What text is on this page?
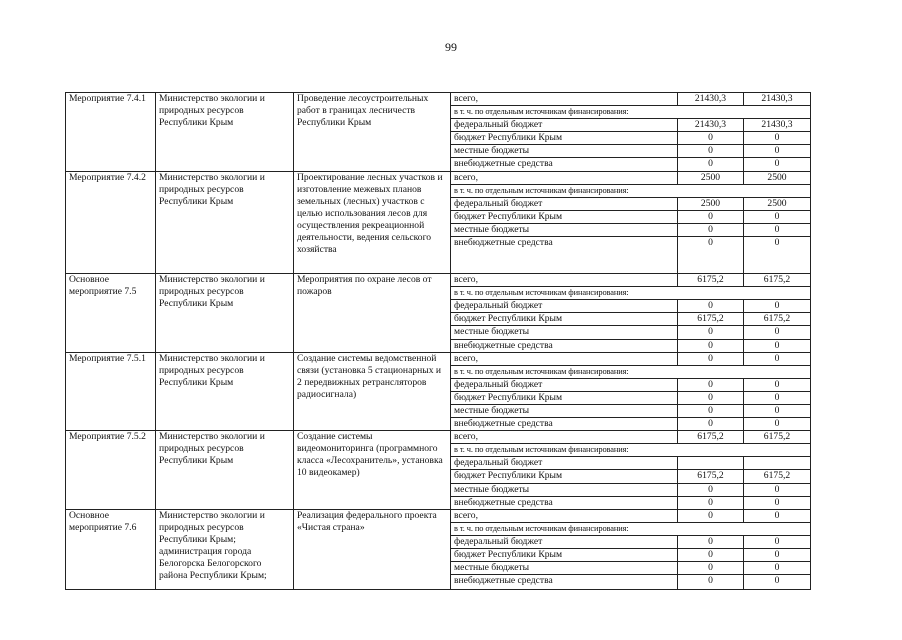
99
Мероприятие 7.4.1	Министерство экологии и природных ресурсов Республики Крым	Проведение лесоустроительных работ в границах лесничеств Республики Крым	всего,	21430,3	21430,3
			в т. ч. по отдельным источникам финансирования:		
			федеральный бюджет	21430,3	21430,3
			бюджет Республики Крым	0	0
			местные бюджеты	0	0
			внебюджетные средства	0	0
Мероприятие 7.4.2	Министерство экологии и природных ресурсов Республики Крым	Проектирование лесных участков и изготовление межевых планов земельных (лесных) участков с целью использования лесов для осуществления рекреационной деятельности, ведения сельского хозяйства	всего,	2500	2500
			в т. ч. по отдельным источникам финансирования:		
			федеральный бюджет	2500	2500
			бюджет Республики Крым	0	0
			местные бюджеты	0	0
			внебюджетные средства	0	0
Основное мероприятие 7.5	Министерство экологии и природных ресурсов Республики Крым	Мероприятия по охране лесов от пожаров	всего,	6175,2	6175,2
			в т. ч. по отдельным источникам финансирования:		
			федеральный бюджет	0	0
			бюджет Республики Крым	6175,2	6175,2
			местные бюджеты	0	0
			внебюджетные средства	0	0
Мероприятие 7.5.1	Министерство экологии и природных ресурсов Республики Крым	Создание системы ведомственной связи (установка 5 стационарных и 2 передвижных ретрансляторов радиосигнала)	всего,	0	0
			в т. ч. по отдельным источникам финансирования:		
			федеральный бюджет	0	0
			бюджет Республики Крым	0	0
			местные бюджеты	0	0
			внебюджетные средства	0	0
Мероприятие 7.5.2	Министерство экологии и природных ресурсов Республики Крым	Создание системы видеомониторинга (программного класса «Лесохранитель», установка 10 видеокамер)	всего,	6175,2	6175,2
			в т. ч. по отдельным источникам финансирования:		
			федеральный бюджет		
			бюджет Республики Крым	6175,2	6175,2
			местные бюджеты	0	0
			внебюджетные средства	0	0
Основное мероприятие 7.6	Министерство экологии и природных ресурсов Республики Крым; администрация города Белогорска Белогорского района Республики Крым;	Реализация федерального проекта «Чистая страна»	всего,	0	0
			в т. ч. по отдельным источникам финансирования:		
			федеральный бюджет	0	0
			бюджет Республики Крым	0	0
			местные бюджеты	0	0
			внебюджетные средства	0	0
